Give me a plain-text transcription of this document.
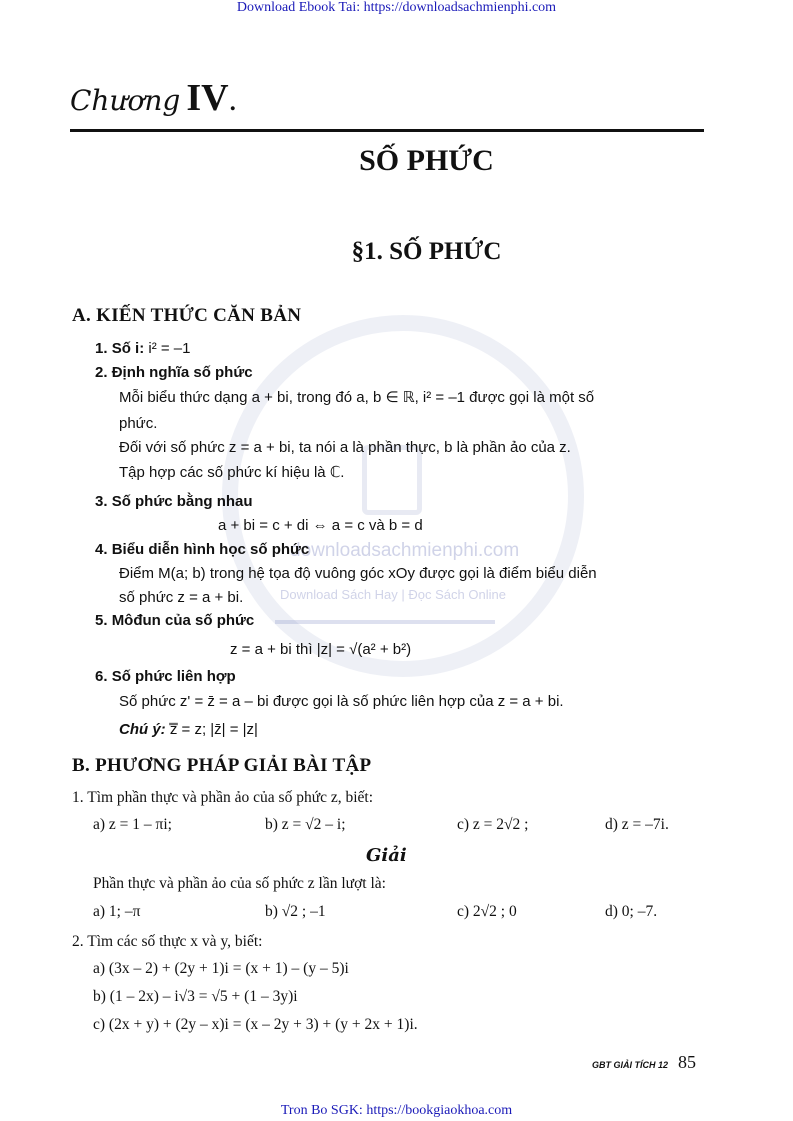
downloadsachmienphi.com
Download Sách Hay | Đọc Sách Online
Download Ebook Tai: https://downloadsachmienphi.com
Chương IV.
SỐ PHỨC
§1. SỐ PHỨC
A. KIẾN THỨC CĂN BẢN
1. Số i: i² = –1
2. Định nghĩa số phức
Mỗi biểu thức dạng a + bi, trong đó a, b ∈ ℝ, i² = –1 được gọi là một số
phức.
Đối với số phức z = a + bi, ta nói a là phần thực, b là phần ảo của z.
Tập hợp các số phức kí hiệu là ℂ.
3. Số phức bằng nhau
a + bi = c + di ⇔ a = c và b = d
4. Biểu diễn hình học số phức
Điểm M(a; b) trong hệ tọa độ vuông góc xOy được gọi là điểm biểu diễn
số phức z = a + bi.
5. Môđun của số phức
z = a + bi thì |z| = √(a² + b²)
6. Số phức liên hợp
Số phức z' = z̄ = a – bi được gọi là số phức liên hợp của z = a + bi.
Chú ý: z̿ = z; |z̄| = |z|
B. PHƯƠNG PHÁP GIẢI BÀI TẬP
1. Tìm phần thực và phần ảo của số phức z, biết:
a) z = 1 – πi;	b) z = √2 – i;	c) z = 2√2 ;	d) z = –7i.
Giải
Phần thực và phần ảo của số phức z lần lượt là:
a) 1; –π	b) √2 ; –1	c) 2√2 ; 0	d) 0; –7.
2. Tìm các số thực x và y, biết:
a) (3x – 2) + (2y + 1)i = (x + 1) – (y – 5)i
b) (1 – 2x) – i√3 = √5 + (1 – 3y)i
c) (2x + y) + (2y – x)i = (x – 2y + 3) + (y + 2x + 1)i.
GBT GIẢI TÍCH 12 85
Tron Bo SGK: https://bookgiaokhoa.com
